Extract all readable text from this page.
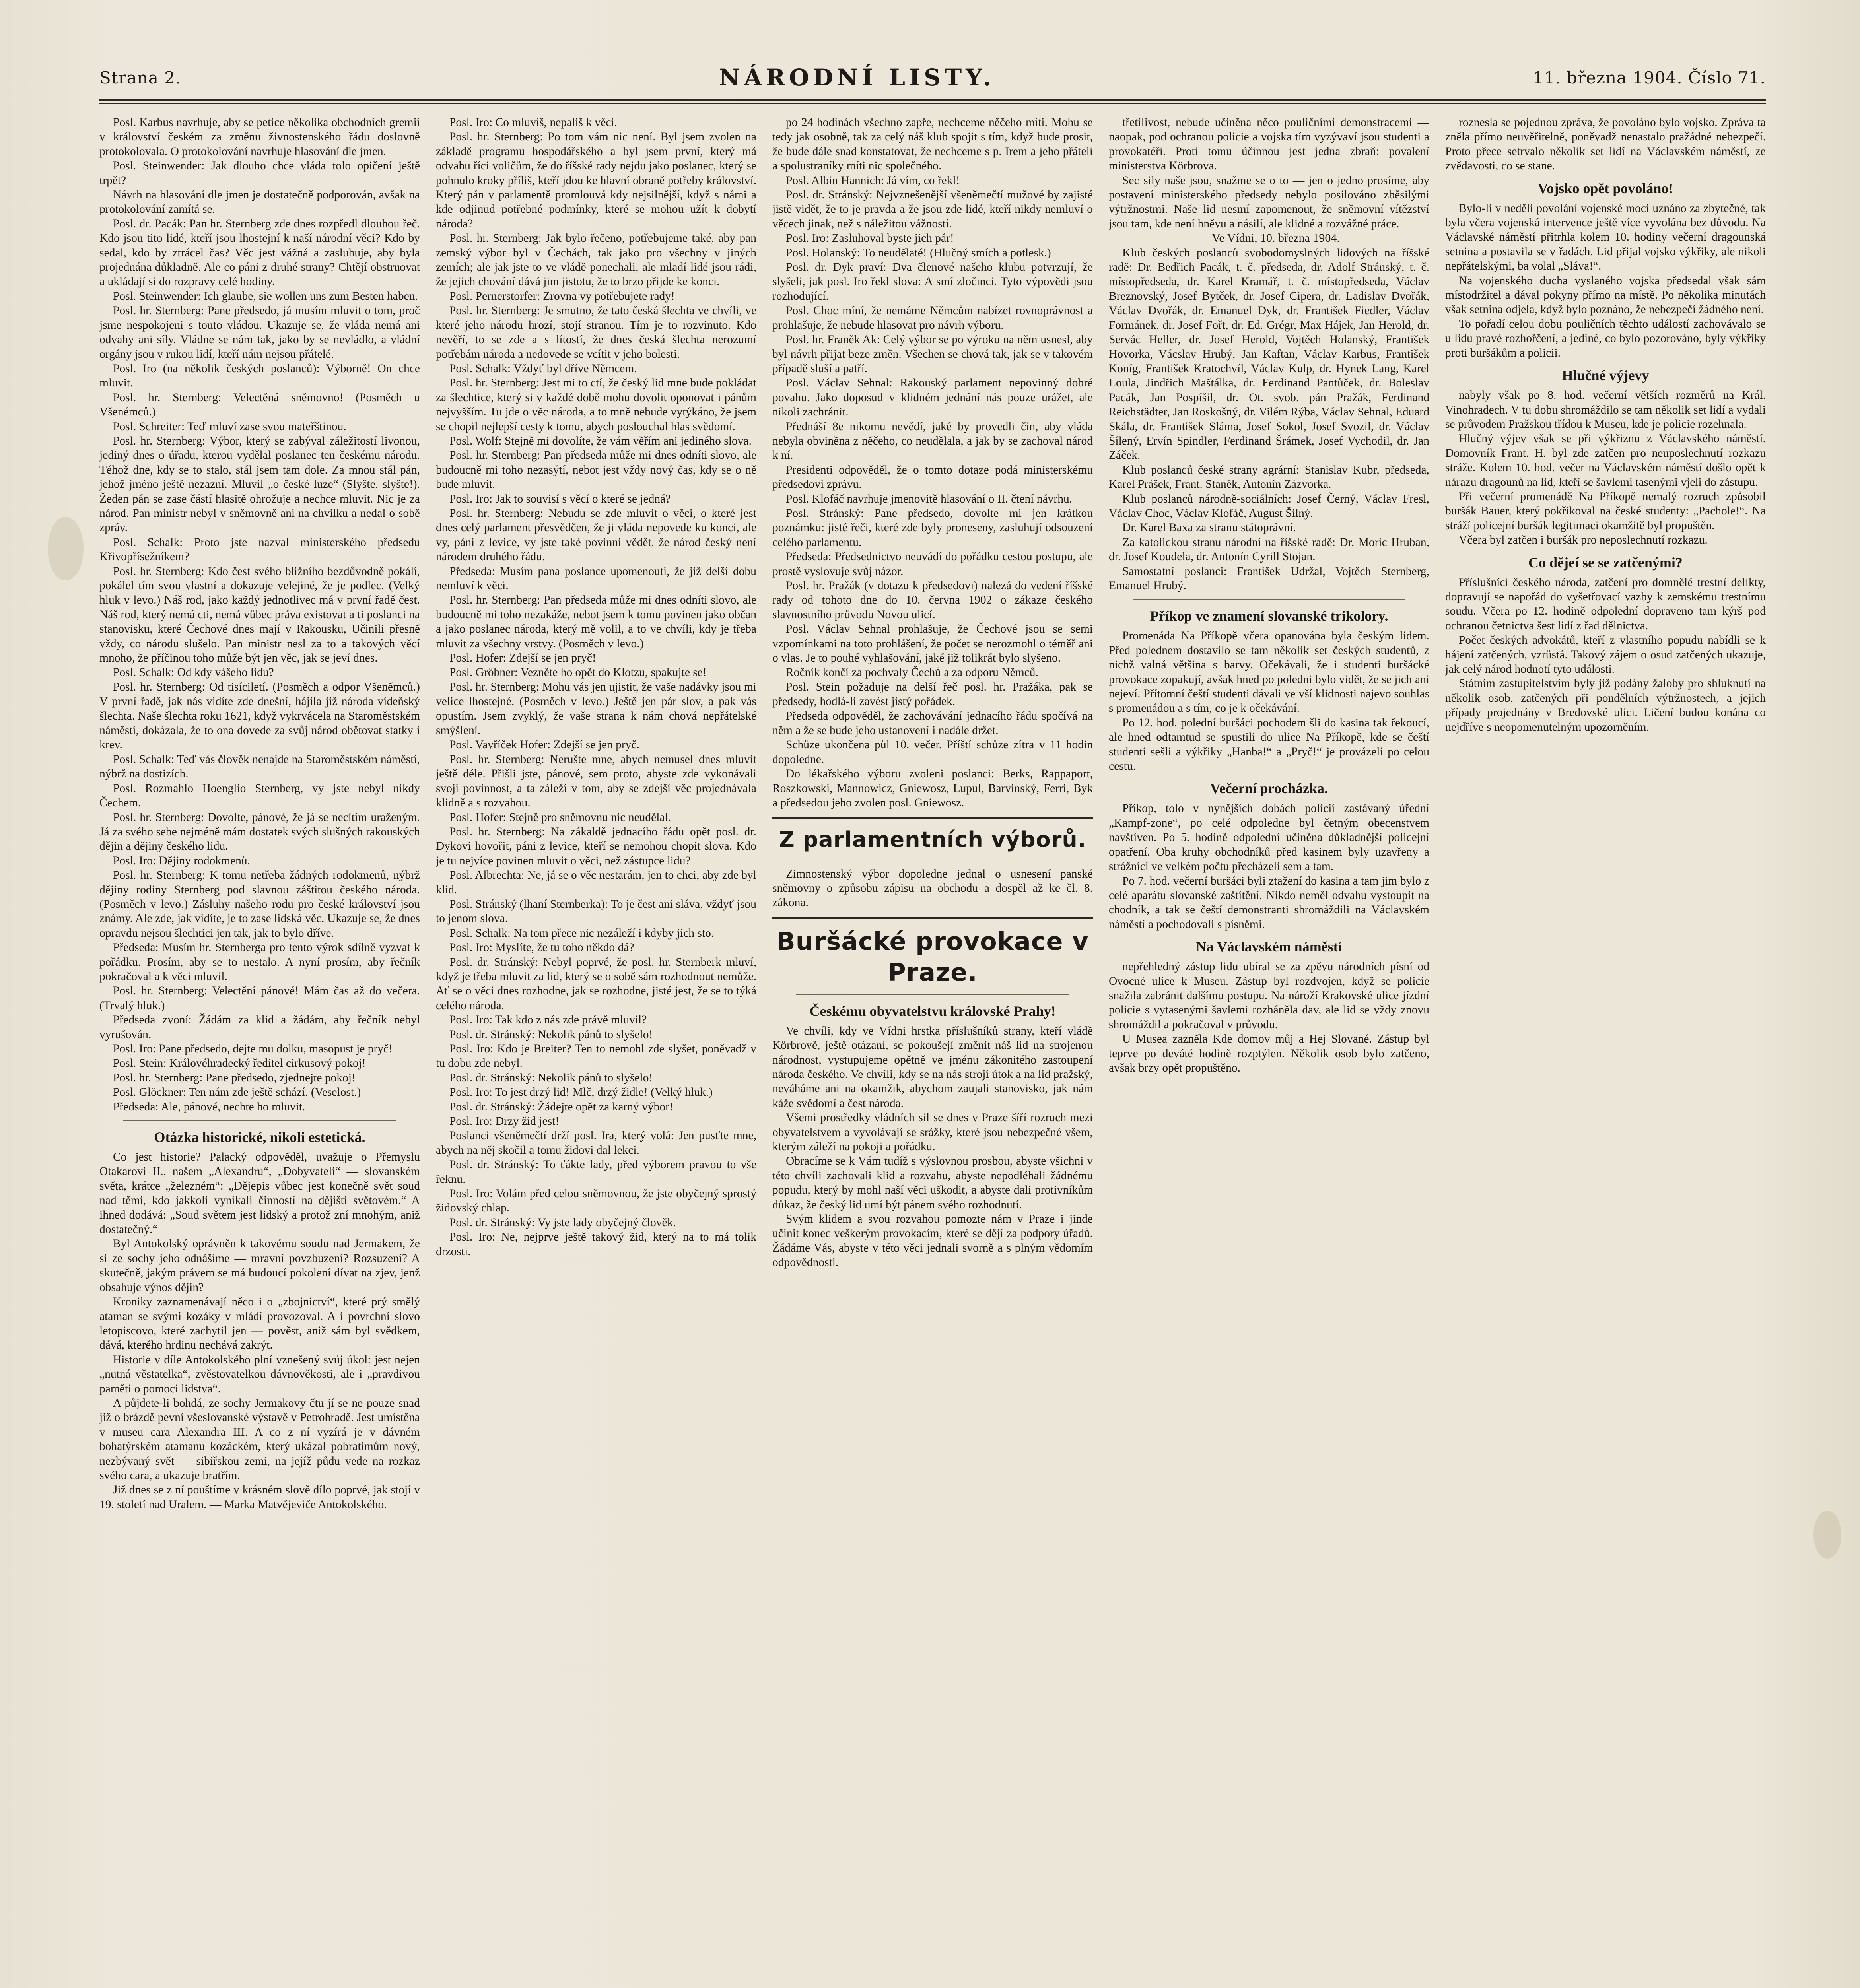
Strana 2.	NÁRODNÍ LISTY.	11. března 1904. Číslo 71.

Posl. Karbus navrhuje, aby se petice několika obchodních gremií v království českém za změnu živnostenského řádu doslovně protokolovala. O protokolování navrhuje hlasování dle jmen.

Posl. Steinwender: Jak dlouho chce vláda tolo opičení ještě trpět?

Návrh na hlasování dle jmen je dostatečně podporován, avšak na protokolování zamítá se.

Posl. dr. Pacák: Pan hr. Sternberg zde dnes rozpředl dlouhou řeč. Kdo jsou tito lidé, kteří jsou lhostejní k naší národní věci? Kdo by sedal, kdo by ztrácel čas? Věc jest vážná a zasluhuje, aby byla projednána důkladně. Ale co páni z druhé strany? Chtějí obstruovat a ukládají si do rozpravy celé hodiny.

Posl. Steinwender: Ich glaube, sie wollen uns zum Besten haben.

Posl. hr. Sternberg: Pane předsedo, já musím mluvit o tom, proč jsme nespokojeni s touto vládou. Ukazuje se, že vláda nemá ani odvahy ani síly. Vládne se nám tak, jako by se nevládlo, a vládní orgány jsou v rukou lidí, kteří nám nejsou přátelé.

Posl. Iro (na několik českých poslanců): Výborně! On chce mluvit.

Posl. hr. Sternberg: Velectěná sněmovno! (Posměch u Všenémců.)

Posl. Schreiter: Teď mluví zase svou mateřštinou.

Posl. hr. Sternberg: Výbor, který se zabýval záležitostí livonou, jediný dnes o úřadu, kterou vydělal poslanec ten českému národu. Téhož dne, kdy se to stalo, stál jsem tam dole. Za mnou stál pán, jehož jméno ještě nezazní. Mluvil „o české luze“ (Slyšte, slyšte!). Žeden pán se zase částí hlasitě ohrožuje a nechce mluvit. Nic je za národ. Pan ministr nebyl v sněmovně ani na chvilku a nedal o sobě zpráv.

Posl. Schalk: Proto jste nazval ministerského předsedu Křivopřísežníkem?

Posl. hr. Sternberg: Kdo čest svého bližního bezdůvodně pokálí, pokálel tím svou vlastní a dokazuje velejiné, že je podlec. (Velký hluk v levo.) Náš rod, jako každý jednotlivec má v první řadě čest. Náš rod, který nemá cti, nemá vůbec práva existovat a ti poslanci na stanovisku, které Čechové dnes mají v Rakousku, Učinili přesně vždy, co národu slušelo. Pan ministr nesl za to a takových věcí mnoho, že příčinou toho může být jen věc, jak se jeví dnes.

Posl. Schalk: Od kdy vášeho lidu?

Posl. hr. Sternberg: Od tisíciletí. (Posměch a odpor Všeněmců.) V první řadě, jak nás vidíte zde dnešní, hájila již národa vídeňský šlechta. Naše šlechta roku 1621, když vykrvácela na Staroměstském náměstí, dokázala, že to ona dovede za svůj národ obětovat statky i krev.

Posl. Schalk: Teď vás člověk nenajde na Staroměstském náměstí, nýbrž na dostizích.

Posl. Rozmahlo Hoenglio Sternberg, vy jste nebyl nikdy Čechem.

Posl. hr. Sternberg: Dovolte, pánové, že já se necítím uraženým. Já za svého sebe nejméně mám dostatek svých slušných rakouských dějin a dějiny českého lidu.

Posl. Iro: Dějiny rodokmenů.

Posl. hr. Sternberg: K tomu netřeba žádných rodokmenů, nýbrž dějiny rodiny Sternberg pod slavnou záštitou českého národa. (Posměch v levo.) Zásluhy našeho rodu pro české království jsou známy. Ale zde, jak vidíte, je to zase lidská věc. Ukazuje se, že dnes opravdu nejsou šlechtici jen tak, jak to bylo dříve.

Předseda: Musím hr. Sternberga pro tento výrok sdílně vyzvat k pořádku. Prosím, aby se to nestalo. A nyní prosím, aby řečník pokračoval a k věci mluvil.

Posl. hr. Sternberg: Velectění pánové! Mám čas až do večera. (Trvalý hluk.)

Předseda zvoní: Žádám za klid a žádám, aby řečník nebyl vyrušován.

Posl. Iro: Pane předsedo, dejte mu dolku, masopust je pryč!

Posl. Stein: Královéhradecký ředitel cirkusový pokoj!

Posl. hr. Sternberg: Pane předsedo, zjednejte pokoj!

Posl. Glöckner: Ten nám zde ještě schází. (Veselost.)

Předseda: Ale, pánové, nechte ho mluvit.

Otázka historické, nikoli estetická.

Co jest historie? Palacký odpověděl, uvažuje o Přemyslu Otakarovi II., našem „Alexandru“, „Dobyvateli“ — slovanském světa, krátce „železném“: „Dějepis vůbec jest konečně svět soud nad těmi, kdo jakkoli vynikali činností na dějišti světovém.“ A ihned dodává: „Soud světem jest lidský a protož zní mnohým, aniž dostatečný.“

Byl Antokolský oprávněn k takovému soudu nad Jermakem, že si ze sochy jeho odnášíme — mravní povzbuzení? Rozsuzení? A skutečně, jakým právem se má budoucí pokolení dívat na zjev, jenž obsahuje výnos dějin?

Kroniky zaznamenávají něco i o „zbojnictví“, které prý smělý ataman se svými kozáky v mládí provozoval. A i povrchní slovo letopiscovo, které zachytil jen — pověst, aniž sám byl svědkem, dává, kterého hrdinu nechává zakrýt.

Historie v díle Antokolského plní vznešený svůj úkol: jest nejen „nutná věstatelka“, zvěstovatelkou dávnověkosti, ale i „pravdivou paměti o pomoci lidstva“.

A půjdete-li bohdá, ze sochy Jermakovy čtu jí se ne pouze snad již o brázdě pevní všeslovanské výstavě v Petrohradě. Jest umístěna v museu cara Alexandra III. A co z ní vyzírá je v dávném bohatýrském atamanu kozáckém, který ukázal pobratimům nový, nezbývaný svět — sibiřskou zemi, na jejíž půdu vede na rozkaz svého cara, a ukazuje bratřím.

Již dnes se z ní pouštíme v krásném slově dílo poprvé, jak stojí v 19. století nad Uralem. — Marka Matvějeviče Antokolského.

Posl. Iro: Co mluvíš, nepališ k věci.

Posl. hr. Sternberg: Po tom vám nic není. Byl jsem zvolen na základě programu hospodářského a byl jsem první, který má odvahu říci voličům, že do říšské rady nejdu jako poslanec, který se pohnulo kroky příliš, kteří jdou ke hlavní obraně potřeby království. Který pán v parlamentě promlouvá kdy nejsilnější, když s námi a kde odjinud potřebné podmínky, které se mohou užít k dobytí národa?

Posl. hr. Sternberg: Jak bylo řečeno, potřebujeme také, aby pan zemský výbor byl v Čechách, tak jako pro všechny v jiných zemích; ale jak jste to ve vládě ponechali, ale mladí lidé jsou rádi, že jejich chování dává jim jistotu, že to brzo přijde ke konci.

Posl. Pernerstorfer: Zrovna vy potřebujete rady!

Posl. hr. Sternberg: Je smutno, že tato česká šlechta ve chvíli, ve které jeho národu hrozí, stojí stranou. Tím je to rozvinuto. Kdo nevěří, to se zde a s lítostí, že dnes česká šlechta nerozumí potřebám národa a nedovede se vcítit v jeho bolesti.

Posl. Schalk: Vždyť byl dříve Němcem.

Posl. hr. Sternberg: Jest mi to ctí, že český lid mne bude pokládat za šlechtice, který si v každé době mohu dovolit oponovat i pánům nejvyšším. Tu jde o věc národa, a to mně nebude vytýkáno, že jsem se chopil nejlepší cesty k tomu, abych poslouchal hlas svědomí.

Posl. Wolf: Stejně mi dovolíte, že vám věřím ani jediného slova.

Posl. hr. Sternberg: Pan předseda může mi dnes odníti slovo, ale budoucně mi toho nezasýtí, nebot jest vždy nový čas, kdy se o ně bude mluvit.

Posl. Iro: Jak to souvisí s věcí o které se jedná?

Posl. hr. Sternberg: Nebudu se zde mluvit o věci, o které jest dnes celý parlament přesvědčen, že ji vláda nepovede ku konci, ale vy, páni z levice, vy jste také povinni vědět, že národ český není národem druhého řádu.

Předseda: Musím pana poslance upomenouti, že již delší dobu nemluví k věci.

Posl. hr. Sternberg: Pan předseda může mi dnes odníti slovo, ale budoucně mi toho nezakáže, nebot jsem k tomu povinen jako občan a jako poslanec národa, který mě volil, a to ve chvíli, kdy je třeba mluvit za všechny vrstvy. (Posměch v levo.)

Posl. Hofer: Zdejší se jen pryč!

Posl. Gröbner: Vezněte ho opět do Klotzu, spakujte se!

Posl. hr. Sternberg: Mohu vás jen ujistit, že vaše nadávky jsou mi velice lhostejné. (Posměch v levo.) Ještě jen pár slov, a pak vás opustím. Jsem zvyklý, že vaše strana k nám chová nepřátelské smýšlení.

Posl. Vavříček Hofer: Zdejší se jen pryč.

Posl. hr. Sternberg: Nerušte mne, abych nemusel dnes mluvit ještě déle. Přišli jste, pánové, sem proto, abyste zde vykonávali svoji povinnost, a ta záleží v tom, aby se zdejší věc projednávala klidně a s rozvahou.

Posl. Hofer: Stejně pro sněmovnu nic neudělal.

Posl. hr. Sternberg: Na zákaldě jednacího řádu opět posl. dr. Dykovi hovořit, páni z levice, kteří se nemohou chopit slova. Kdo je tu nejvíce povinen mluvit o věci, než zástupce lidu?

Posl. Albrechta: Ne, já se o věc nestarám, jen to chci, aby zde byl klid.

Posl. Stránský (lhaní Sternberka): To je čest ani sláva, vždyť jsou to jenom slova.

Posl. Schalk: Na tom přece nic nezáleží i kdyby jich sto.

Posl. Iro: Myslíte, že tu toho někdo dá?

Posl. dr. Stránský: Nebyl poprvé, že posl. hr. Sternberk mluví, když je třeba mluvit za lid, který se o sobě sám rozhodnout nemůže. Ať se o věci dnes rozhodne, jak se rozhodne, jisté jest, že se to týká celého národa.

Posl. Iro: Tak kdo z nás zde právě mluvil?

Posl. dr. Stránský: Nekolik pánů to slyšelo!

Posl. Iro: Kdo je Breiter? Ten to nemohl zde slyšet, poněvadž v tu dobu zde nebyl.

Posl. dr. Stránský: Nekolik pánů to slyšelo!

Posl. Iro: To jest drzý lid! Mlč, drzý židle! (Velký hluk.)

Posl. dr. Stránský: Žádejte opět za karný výbor!

Posl. Iro: Drzy žid jest!

Poslanci všeněmečtí drží posl. Ira, který volá: Jen pusťte mne, abych na něj skočil a tomu židovi dal lekci.

Posl. dr. Stránský: To ťákte lady, před výborem pravou to vše řeknu.

Posl. Iro: Volám před celou sněmovnou, že jste obyčejný sprostý židovský chlap.

Posl. dr. Stránský: Vy jste lady obyčejný člověk.

Posl. Iro: Ne, nejprve ještě takový žid, který na to má tolik drzosti.

po 24 hodinách všechno zapře, nechceme něčeho míti. Mohu se tedy jak osobně, tak za celý náš klub spojit s tím, když bude prosit, že bude dále snad konstatovat, že nechceme s p. Irem a jeho přáteli a spolustraníky míti nic společného.

Posl. Albin Hannich: Já vím, co řekl!

Posl. dr. Stránský: Nejvznešenější všeněmečtí mužové by zajisté jistě vidět, že to je pravda a že jsou zde lidé, kteří nikdy nemluví o věcech jinak, než s náležitou vážností.

Posl. Iro: Zasluhoval byste jich pár!

Posl. Holanský: To neudělaté! (Hlučný smích a potlesk.)

Posl. dr. Dyk praví: Dva členové našeho klubu potvrzují, že slyšeli, jak posl. Iro řekl slova: A smí zločinci. Tyto výpovědi jsou rozhodující.

Posl. Choc míní, že nemáme Němcům nabízet rovnoprávnost a prohlašuje, že nebude hlasovat pro návrh výboru.

Posl. hr. Franěk Ak: Celý výbor se po výroku na něm usnesl, aby byl návrh přijat beze změn. Všechen se chová tak, jak se v takovém případě sluší a patří.

Posl. Václav Sehnal: Rakouský parlament nepovinný dobré povahu. Jako doposud v klidném jednání nás pouze urážet, ale nikoli zachránit.

Přednáší 8e nikomu nevědí, jaké by provedli čin, aby vláda nebyla obviněna z něčeho, co neudělala, a jak by se zachoval národ k ní.

Presidenti odpověděl, že o tomto dotaze podá ministerskému předsedovi zprávu.

Posl. Klofáč navrhuje jmenovitě hlasování o II. čtení návrhu.

Posl. Stránský: Pane předsedo, dovolte mi jen krátkou poznámku: jisté řeči, které zde byly proneseny, zasluhují odsouzení celého parlamentu.

Předseda: Předsednictvo neuvádí do pořádku cestou postupu, ale prostě vyslovuje svůj názor.

Posl. hr. Pražák (v dotazu k předsedovi) nalezá do vedení říšské rady od tohoto dne do 10. června 1902 o zákaze českého slavnostního průvodu Novou ulicí.

Posl. Václav Sehnal prohlašuje, že Čechové jsou se semi vzpomínkami na toto prohlášení, že počet se nerozmohl o téměř ani o vlas. Je to pouhé vyhlašování, jaké již tolikrát bylo slyšeno.

Ročník končí za pochvaly Čechů a za odporu Němců.

Posl. Stein požaduje na delší řeč posl. hr. Pražáka, pak se předsedy, hodlá-li zavést jistý pořádek.

Předseda odpověděl, že zachovávání jednacího řádu spočívá na něm a že se bude jeho ustanovení i nadále držet.

Schůze ukončena půl 10. večer. Příští schůze zítra v 11 hodin dopoledne.

Do lékařského výboru zvoleni poslanci: Berks, Rappaport, Roszkowski, Mannowicz, Gniewosz, Lupul, Barvinský, Ferri, Byk a předsedou jeho zvolen posl. Gniewosz.

Z parlamentních výborů.

Zimnostenský výbor dopoledne jednal o usnesení panské sněmovny o způsobu zápisu na obchodu a dospěl až ke čl. 8. zákona.

Buršácké provokace v Praze.
Českému obyvatelstvu královské Prahy!

Ve chvíli, kdy ve Vídni hrstka příslušníků strany, kteří vládě Körbrově, ještě otázaní, se pokoušejí změnit náš lid na strojenou národnost, vystupujeme opětně ve jménu zákonitého zastoupení národa českého. Ve chvíli, kdy se na nás strojí útok a na lid pražský, neváháme ani na okamžik, abychom zaujali stanovisko, jak nám káže svědomí a čest národa.

Všemi prostředky vládních sil se dnes v Praze šíří rozruch mezi obyvatelstvem a vyvolávají se srážky, které jsou nebezpečné všem, kterým záleží na pokoji a pořádku.

Obracíme se k Vám tudíž s výslovnou prosbou, abyste všichni v této chvíli zachovali klid a rozvahu, abyste nepodléhali žádnému popudu, který by mohl naší věci uškodit, a abyste dali protivníkům důkaz, že český lid umí být pánem svého rozhodnutí.

Svým klidem a svou rozvahou pomozte nám v Praze i jinde učinit konec veškerým provokacím, které se dějí za podpory úřadů. Žádáme Vás, abyste v této věci jednali svorně a s plným vědomím odpovědnosti.

třetilivost, nebude učiněna něco pouličními demonstracemi — naopak, pod ochranou policie a vojska tím vyzývaví jsou studenti a provokatéři. Proti tomu účinnou jest jedna zbraň: povalení ministerstva Körbrova.

Sec sily naše jsou, snažme se o to — jen o jedno prosíme, aby postavení ministerského předsedy nebylo posilováno zběsilými výtržnostmi. Naše lid nesmí zapomenout, že sněmovní vítězství jsou tam, kde není hněvu a násilí, ale klidné a rozvážné práce.

Ve Vídni, 10. března 1904.

Klub českých poslanců svobodomyslných lidových na říšské radě: Dr. Bedřich Pacák, t. č. předseda, dr. Adolf Stránský, t. č. místopředseda, dr. Karel Kramář, t. č. místopředseda, Václav Breznovský, Josef Bytček, dr. Josef Cipera, dr. Ladislav Dvořák, Václav Dvořák, dr. Emanuel Dyk, dr. František Fiedler, Václav Formánek, dr. Josef Fořt, dr. Ed. Grégr, Max Hájek, Jan Herold, dr. Servác Heller, dr. Josef Herold, Vojtěch Holanský, František Hovorka, Vácslav Hrubý, Jan Kaftan, Václav Karbus, František Koníg, František Kratochvíl, Václav Kulp, dr. Hynek Lang, Karel Loula, Jindřich Maštálka, dr. Ferdinand Pantůček, dr. Boleslav Pacák, Jan Pospíšil, dr. Ot. svob. pán Pražák, Ferdinand Reichstädter, Jan Roskošný, dr. Vilém Rýba, Václav Sehnal, Eduard Skála, dr. František Sláma, Josef Sokol, Josef Svozil, dr. Václav Šílený, Ervín Spindler, Ferdinand Šrámek, Josef Vychodil, dr. Jan Záček.

Klub poslanců české strany agrární: Stanislav Kubr, předseda, Karel Prášek, Frant. Staněk, Antonín Zázvorka.

Klub poslanců národně-sociálních: Josef Černý, Václav Fresl, Václav Choc, Václav Klofáč, August Šilný.

Dr. Karel Baxa za stranu státoprávní.

Za katolickou stranu národní na říšské radě: Dr. Moric Hruban, dr. Josef Koudela, dr. Antonín Cyrill Stojan.

Samostatní poslanci: František Udržal, Vojtěch Sternberg, Emanuel Hrubý.

Příkop ve znamení slovanské trikolory.

Promenáda Na Příkopě včera opanována byla českým lidem. Před polednem dostavilo se tam několik set českých studentů, z nichž valná většina s barvy. Očekávali, že i studenti buršácké provokace zopakují, avšak hned po poledni bylo vidět, že se jich ani nejeví. Přítomní čeští studenti dávali ve vší klidnosti najevo souhlas s promenádou a s tím, co je k očekávání.

Po 12. hod. polední buršáci pochodem šli do kasina tak řekoucí, ale hned odtamtud se spustili do ulice Na Příkopě, kde se čeští studenti sešli a výkřiky „Hanba!“ a „Pryč!“ je provázeli po celou cestu.

Večerní procházka.

Příkop, tolo v nynějších dobách policií zastávaný úřední „Kampf-zone“, po celé odpoledne byl četným obecenstvem navštíven. Po 5. hodině odpolední učiněna důkladnější policejní opatření. Oba kruhy obchodníků před kasinem byly uzavřeny a strážníci ve velkém počtu přecházeli sem a tam.

Po 7. hod. večerní buršáci byli ztažení do kasina a tam jim bylo z celé aparátu slovanské zaštítění. Nikdo neměl odvahu vystoupit na chodník, a tak se čeští demonstranti shromáždili na Václavském náměstí a pochodovali s písněmi.

Na Václavském náměstí

nepřehledný zástup lidu ubíral se za zpěvu národních písní od Ovocné ulice k Museu. Zástup byl rozdvojen, když se policie snažila zabránit dalšímu postupu. Na nároží Krakovské ulice jízdní policie s vytasenými šavlemi rozháněla dav, ale lid se vždy znovu shromáždil a pokračoval v průvodu.

U Musea zazněla Kde domov můj a Hej Slované. Zástup byl teprve po deváté hodině rozptýlen. Několik osob bylo zatčeno, avšak brzy opět propuštěno.

roznesla se pojednou zpráva, že povoláno bylo vojsko. Zpráva ta zněla přímo neuvěřitelně, poněvadž nenastalo pražádné nebezpečí. Proto přece setrvalo několik set lidí na Václavském náměstí, ze zvědavosti, co se stane.

Vojsko opět povoláno!

Bylo-li v neděli povolání vojenské moci uznáno za zbytečné, tak byla včera vojenská intervence ještě více vyvolána bez důvodu. Na Václavské náměstí přitrhla kolem 10. hodiny večerní dragounská setnina a postavila se v řadách. Lid přijal vojsko výkřiky, ale nikoli nepřátelskými, ba volal „Sláva!“.

Na vojenského ducha vyslaného vojska předsedal však sám místodržitel a dával pokyny přímo na místě. Po několika minutách však setnina odjela, když bylo poznáno, že nebezpečí žádného není.

To pořadí celou dobu pouličních těchto událostí zachovávalo se u lidu pravé rozhořčení, a jediné, co bylo pozorováno, byly výkřiky proti buršákům a policii.

Hlučné výjevy

nabyly však po 8. hod. večerní větších rozměrů na Král. Vinohradech. V tu dobu shromáždilo se tam několik set lidí a vydali se průvodem Pražskou třídou k Museu, kde je policie rozehnala.

Hlučný výjev však se při výkřiznu z Václavského náměstí. Domovník Frant. H. byl zde zatčen pro neuposlechnutí rozkazu stráže. Kolem 10. hod. večer na Václavském náměstí došlo opět k nárazu dragounů na lid, kteří se šavlemi tasenými vjeli do zástupu.

Při večerní promenádě Na Příkopě nemalý rozruch způsobil buršák Bauer, který pokřikoval na české studenty: „Pachole!“. Na stráží policejní buršák legitimaci okamžitě byl propuštěn.

Včera byl zatčen i buršák pro neposlechnutí rozkazu.

Co dějeí se se zatčenými?

Příslušníci českého národa, zatčení pro domnělé trestní delikty, dopravují se napořád do vyšetřovací vazby k zemskému trestnímu soudu. Včera po 12. hodině odpolední dopraveno tam kýrš pod ochranou četnictva šest lidí z řad dělnictva.

Počet českých advokátů, kteří z vlastního popudu nabídli se k hájení zatčených, vzrůstá. Takový zájem o osud zatčených ukazuje, jak celý národ hodnotí tyto události.

Státním zastupitelstvím byly již podány žaloby pro shluknutí na několik osob, zatčených při pondělních výtržnostech, a jejich případy projednány v Bredovské ulici. Ličení budou konána co nejdříve s neopomenutelným upozorněním.
